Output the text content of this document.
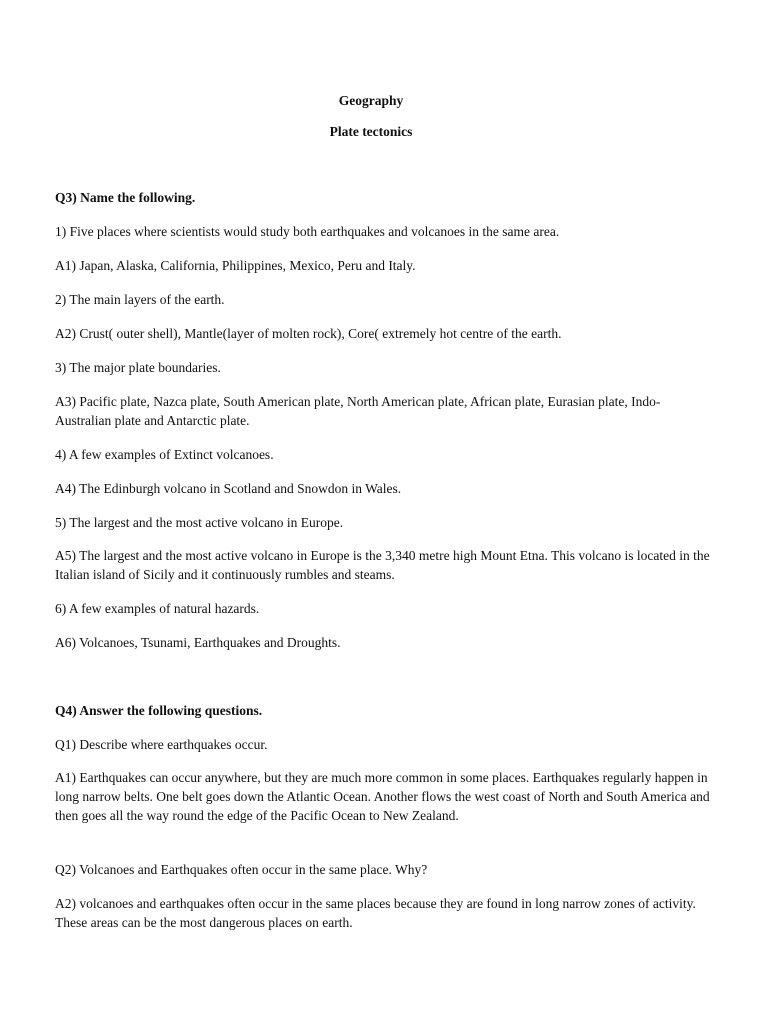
Geography
Plate tectonics
Q3) Name the following.

1) Five places where scientists would study both earthquakes and volcanoes in the same area.

A1) Japan, Alaska, California, Philippines, Mexico, Peru and Italy.

2) The main layers of the earth.

A2) Crust( outer shell), Mantle(layer of molten rock), Core( extremely hot centre of the earth.

3) The major plate boundaries.

A3) Pacific plate, Nazca plate, South American plate, North American plate, African plate, Eurasian plate, Indo-Australian plate and Antarctic plate.

4) A few examples of Extinct volcanoes.

A4) The Edinburgh volcano in Scotland and Snowdon in Wales.

5) The largest and the most active volcano in Europe.

A5) The largest and the most active volcano in Europe is the 3,340 metre high Mount Etna. This volcano is located in the Italian island of Sicily and it continuously rumbles and steams.

6) A few examples of natural hazards.

A6) Volcanoes, Tsunami, Earthquakes and Droughts.

Q4) Answer the following questions.

Q1) Describe where earthquakes occur.

A1) Earthquakes can occur anywhere, but they are much more common in some places. Earthquakes regularly happen in long narrow belts. One belt goes down the Atlantic Ocean. Another flows the west coast of North and South America and then goes all the way round the edge of the Pacific Ocean to New Zealand.

Q2) Volcanoes and Earthquakes often occur in the same place. Why?

A2) volcanoes and earthquakes often occur in the same places because they are found in long narrow zones of activity. These areas can be the most dangerous places on earth.
